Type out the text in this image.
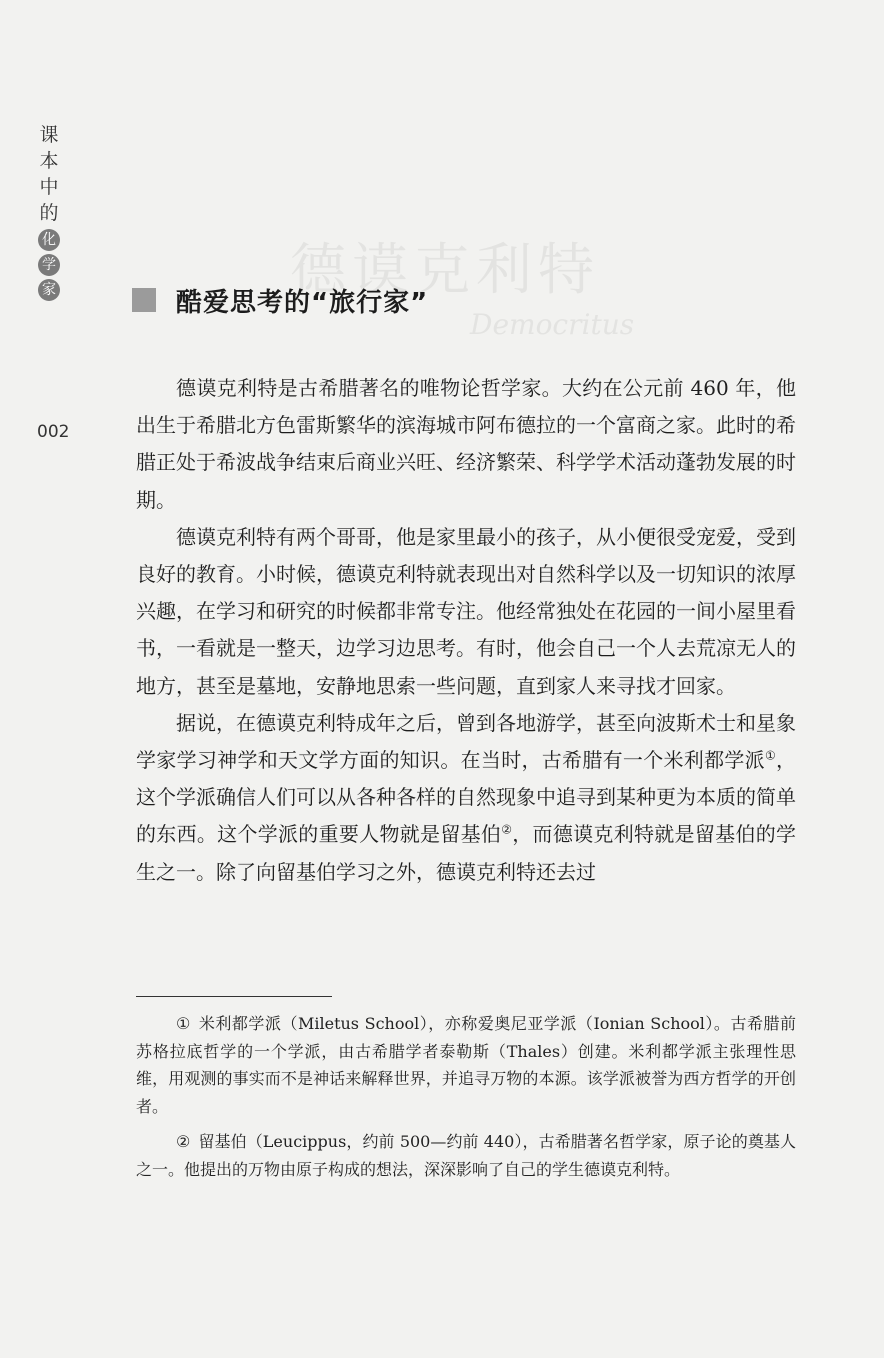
课
本
中
的
化
学
家
002
德谟克利特
Democritus
酷爱思考的“旅行家”

德谟克利特是古希腊著名的唯物论哲学家。大约在公元前 460 年，他出生于希腊北方色雷斯繁华的滨海城市阿布德拉的一个富商之家。此时的希腊正处于希波战争结束后商业兴旺、经济繁荣、科学学术活动蓬勃发展的时期。

德谟克利特有两个哥哥，他是家里最小的孩子，从小便很受宠爱，受到良好的教育。小时候，德谟克利特就表现出对自然科学以及一切知识的浓厚兴趣，在学习和研究的时候都非常专注。他经常独处在花园的一间小屋里看书，一看就是一整天，边学习边思考。有时，他会自己一个人去荒凉无人的地方，甚至是墓地，安静地思索一些问题，直到家人来寻找才回家。

据说，在德谟克利特成年之后，曾到各地游学，甚至向波斯术士和星象学家学习神学和天文学方面的知识。在当时，古希腊有一个米利都学派①，这个学派确信人们可以从各种各样的自然现象中追寻到某种更为本质的简单的东西。这个学派的重要人物就是留基伯②，而德谟克利特就是留基伯的学生之一。除了向留基伯学习之外，德谟克利特还去过

① 米利都学派（Miletus School），亦称爱奥尼亚学派（Ionian School）。古希腊前苏格拉底哲学的一个学派，由古希腊学者泰勒斯（Thales）创建。米利都学派主张理性思维，用观测的事实而不是神话来解释世界，并追寻万物的本源。该学派被誉为西方哲学的开创者。

② 留基伯（Leucippus，约前 500—约前 440），古希腊著名哲学家，原子论的奠基人之一。他提出的万物由原子构成的想法，深深影响了自己的学生德谟克利特。
